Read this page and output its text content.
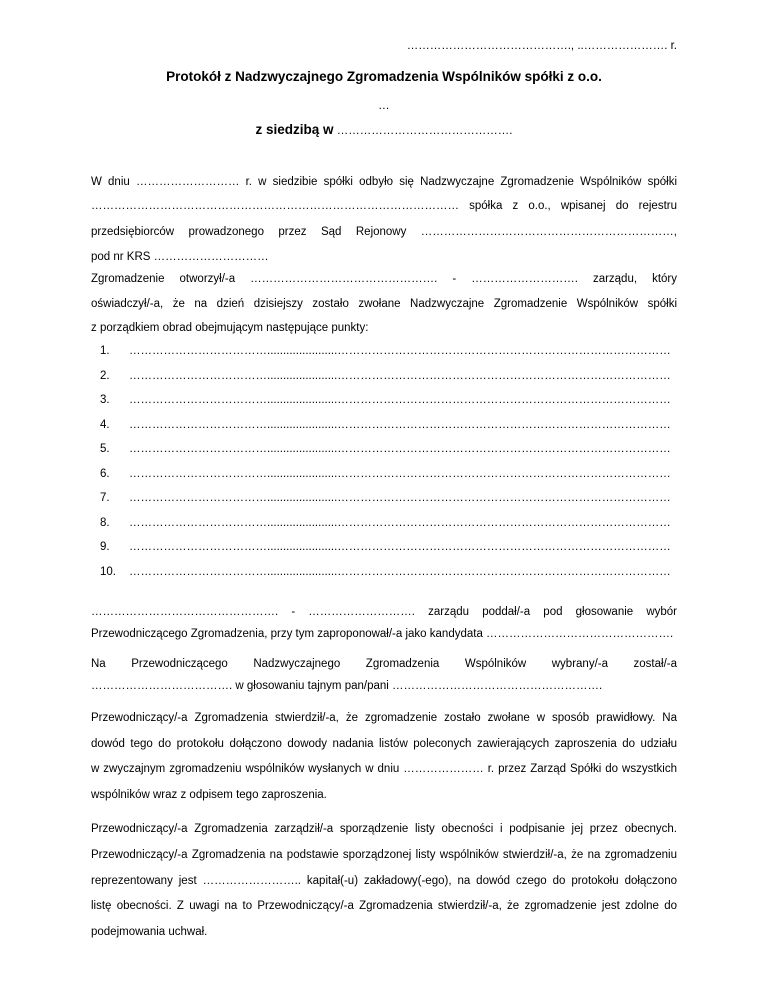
……………………………………., ..…………………. r.
Protokół z Nadzwyczajnego Zgromadzenia Wspólników spółki z o.o.
…
z siedzibą w ……………………………………….
W dniu ……………………… r. w siedzibie spółki odbyło się Nadzwyczajne Zgromadzenie Wspólników spółki
…………………………………………………………………………………… spółka z o.o., wpisanej do rejestru
przedsiębiorców prowadzonego przez Sąd Rejonowy …………………………………………………………,
pod nr KRS …………………………
Zgromadzenie otworzył/-a …………………………………………. - ………………………. zarządu, który
oświadczył/-a, że na dzień dzisiejszy zostało zwołane Nadzwyczajne Zgromadzenie Wspólników spółki
z porządkiem obrad obejmującym następujące punkty:
1. ………………………………......................……………………………………………………………………………
2. ………………………………......................……………………………………………………………………………
3. ………………………………......................……………………………………………………………………………
4. ………………………………......................……………………………………………………………………………
5. ………………………………......................……………………………………………………………………………
6. ………………………………......................……………………………………………………………………………
7. ………………………………......................……………………………………………………………………………
8. ………………………………......................……………………………………………………………………………
9. ………………………………......................……………………………………………………………………………
10. ………………………………......................……………………………………………………………………………
…………………………………………. - ………………………. zarządu poddał/-a pod głosowanie wybór
Przewodniczącego Zgromadzenia, przy tym zaproponował/-a jako kandydata ………………………………………….
Na Przewodniczącego Nadzwyczajnego Zgromadzenia Wspólników wybrany/-a został/-a
………………………………. w głosowaniu tajnym pan/pani ……………………………………………….
Przewodniczący/-a Zgromadzenia stwierdził/-a, że zgromadzenie zostało zwołane w sposób prawidłowy. Na
dowód tego do protokołu dołączono dowody nadania listów poleconych zawierających zaproszenia do udziału
w zwyczajnym zgromadzeniu wspólników wysłanych w dniu ………………… r. przez Zarząd Spółki do wszystkich
wspólników wraz z odpisem tego zaproszenia.
Przewodniczący/-a Zgromadzenia zarządził/-a sporządzenie listy obecności i podpisanie jej przez obecnych.
Przewodniczący/-a Zgromadzenia na podstawie sporządzonej listy wspólników stwierdził/-a, że na zgromadzeniu
reprezentowany jest …………………….. kapitał(-u) zakładowy(-ego), na dowód czego do protokołu dołączono
listę obecności. Z uwagi na to Przewodniczący/-a Zgromadzenia stwierdził/-a, że zgromadzenie jest zdolne do
podejmowania uchwał.
